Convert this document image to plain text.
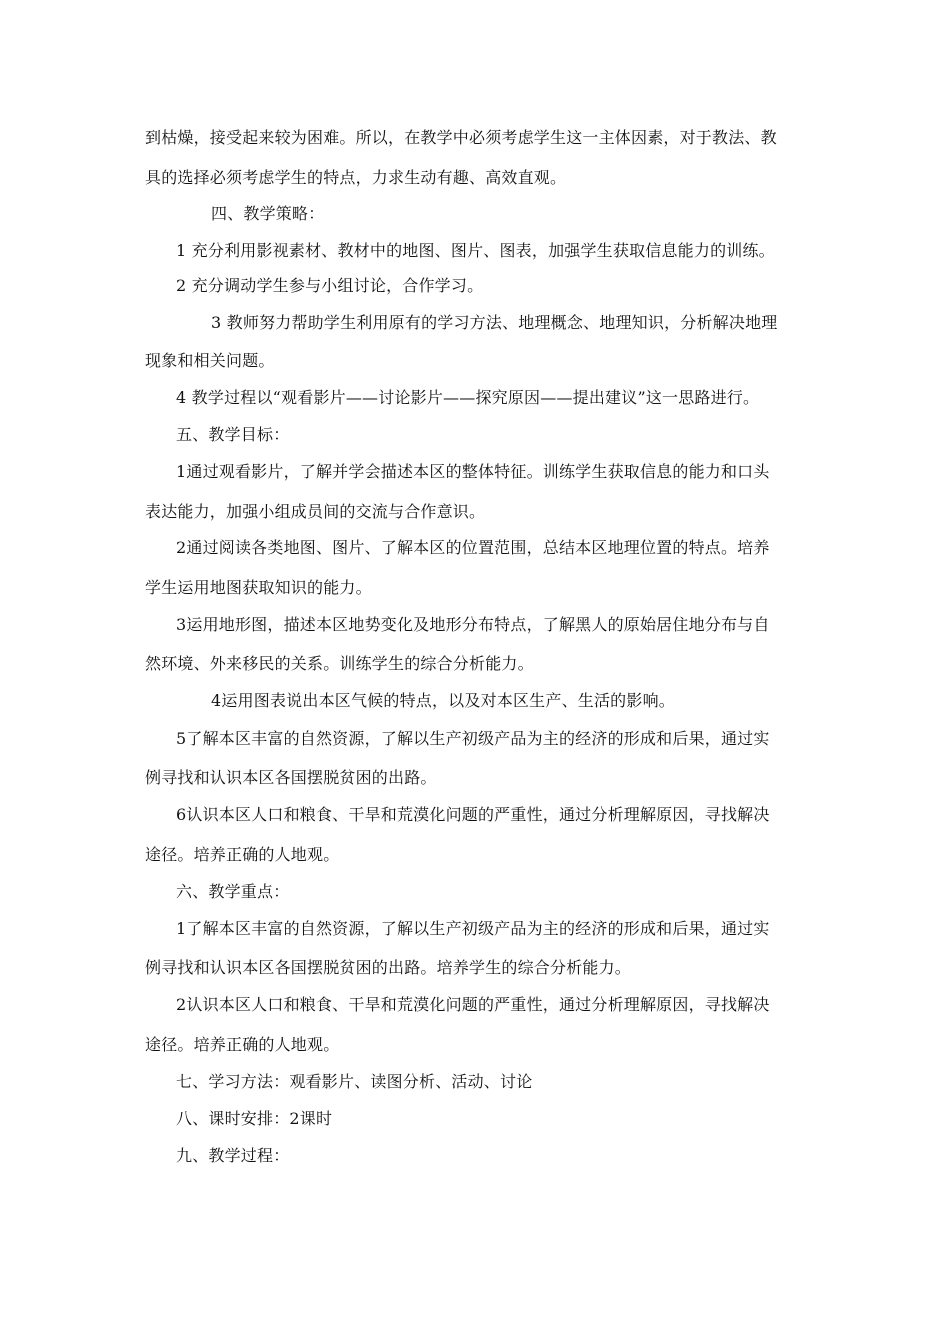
到枯燥，接受起来较为困难。所以，在教学中必须考虑学生这一主体因素，对于教法、教
具的选择必须考虑学生的特点，力求生动有趣、高效直观。
四、教学策略：
1 充分利用影视素材、教材中的地图、图片、图表，加强学生获取信息能力的训练。
2 充分调动学生参与小组讨论，合作学习。
3 教师努力帮助学生利用原有的学习方法、地理概念、地理知识，分析解决地理
现象和相关问题。
4 教学过程以“观看影片——讨论影片——探究原因——提出建议”这一思路进行。
五、教学目标：
1通过观看影片，了解并学会描述本区的整体特征。训练学生获取信息的能力和口头
表达能力，加强小组成员间的交流与合作意识。
2通过阅读各类地图、图片、了解本区的位置范围，总结本区地理位置的特点。培养
学生运用地图获取知识的能力。
3运用地形图，描述本区地势变化及地形分布特点，了解黑人的原始居住地分布与自
然环境、外来移民的关系。训练学生的综合分析能力。
4运用图表说出本区气候的特点，以及对本区生产、生活的影响。
5了解本区丰富的自然资源，了解以生产初级产品为主的经济的形成和后果，通过实
例寻找和认识本区各国摆脱贫困的出路。
6认识本区人口和粮食、干旱和荒漠化问题的严重性，通过分析理解原因，寻找解决
途径。培养正确的人地观。
六、教学重点：
1了解本区丰富的自然资源，了解以生产初级产品为主的经济的形成和后果，通过实
例寻找和认识本区各国摆脱贫困的出路。培养学生的综合分析能力。
2认识本区人口和粮食、干旱和荒漠化问题的严重性，通过分析理解原因，寻找解决
途径。培养正确的人地观。
七、学习方法：观看影片、读图分析、活动、讨论
八、课时安排：2课时
九、教学过程：
